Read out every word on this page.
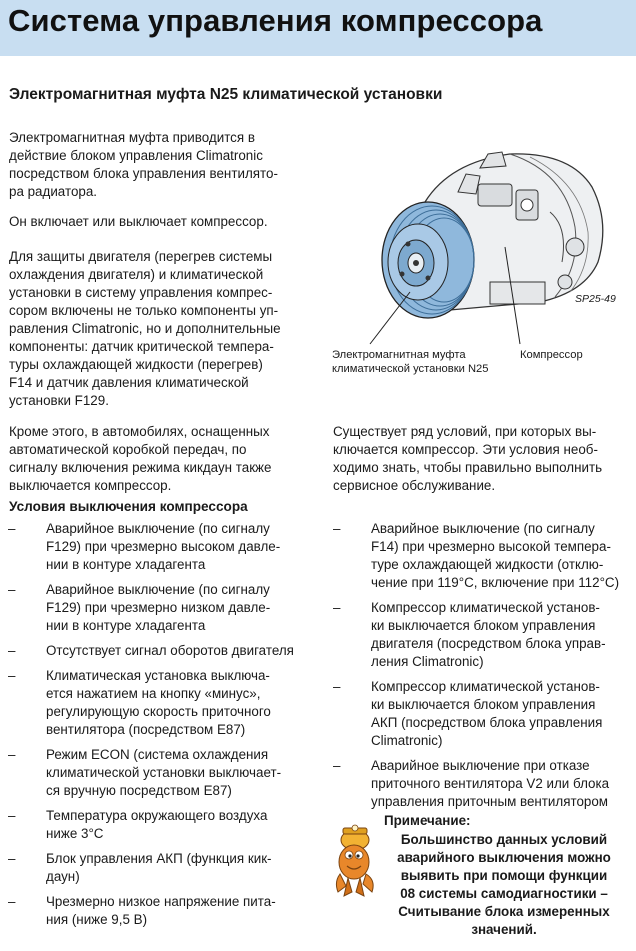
Система управления компрессора
Электромагнитная муфта N25 климатической установки

Электромагнитная муфта приводится в
действие блоком управления Climatronic
посредством блока управления вентилято-
ра радиатора.

Он включает или выключает компрессор.

Для защиты двигателя (перегрев системы
охлаждения двигателя) и климатической
установки в систему управления компрес-
сором включены не только компоненты уп-
равления Climatronic, но и дополнительные
компоненты: датчик критической темпера-
туры охлаждающей жидкости (перегрев)
F14 и датчик давления климатической
установки F129.

Кроме этого, в автомобилях, оснащенных
автоматической коробкой передач, по
сигналу включения режима кикдаун также
выключается компрессор.

Условия выключения компрессора

– Аварийное выключение (по сигналу
F129) при чрезмерно высоком давле-
нии в контуре хладагента

– Аварийное выключение (по сигналу
F129) при чрезмерно низком давле-
нии в контуре хладагента

– Отсутствует сигнал оборотов двигателя

– Климатическая установка выключа-
ется нажатием на кнопку «минус»,
регулирующую скорость приточного
вентилятора (посредством E87)

– Режим ECON (система охлаждения
климатической установки выключает-
ся вручную посредством E87)

– Температура окружающего воздуха
ниже 3°C

– Блок управления АКП (функция кик-
даун)

– Чрезмерно низкое напряжение пита-
ния (ниже 9,5 В)

SP25-49
Электромагнитная муфта
климатической установки N25
Компрессор

Существует ряд условий, при которых вы-
ключается компрессор. Эти условия необ-
ходимо знать, чтобы правильно выполнить
сервисное обслуживание.

– Аварийное выключение (по сигналу
F14) при чрезмерно высокой темпера-
туре охлаждающей жидкости (отклю-
чение при 119°C, включение при 112°C)

– Компрессор климатической установ-
ки выключается блоком управления
двигателя (посредством блока управ-
ления Climatronic)

– Компрессор климатической установ-
ки выключается блоком управления
АКП (посредством блока управления
Climatronic)

– Аварийное выключение при отказе
приточного вентилятора V2 или блока
управления приточным вентилятором

Примечание:
Большинство данных условий
аварийного выключения можно
выявить при помощи функции
08 системы самодиагностики –
Считывание блока измеренных
значений.
